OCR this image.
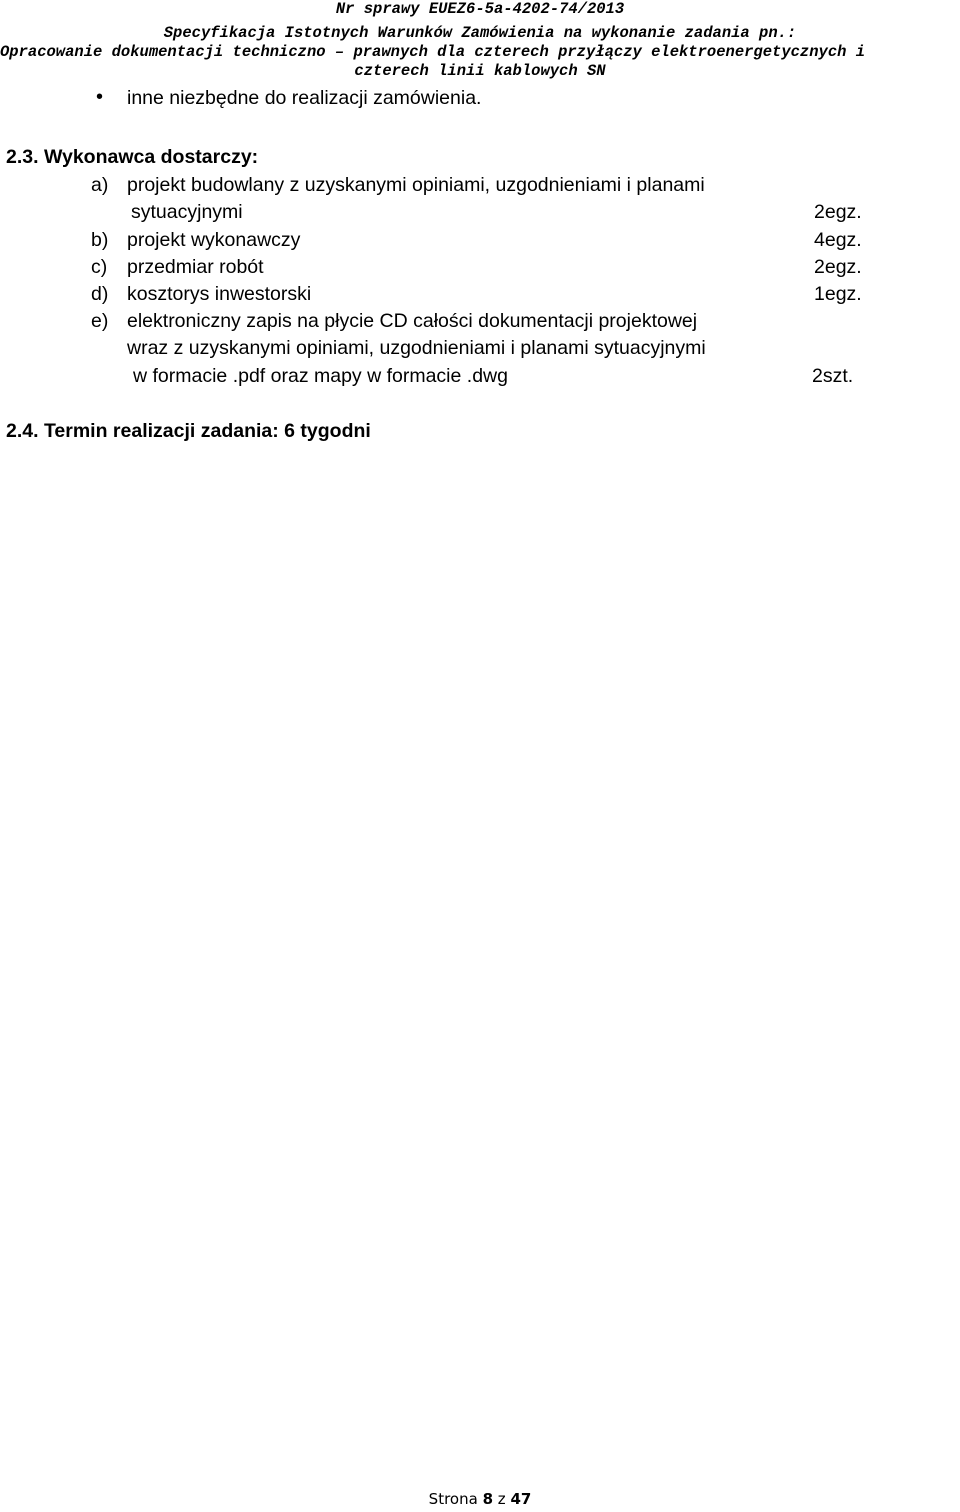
Nr sprawy EUEZ6-5a-4202-74/2013
Specyfikacja Istotnych Warunków Zamówienia na wykonanie zadania pn.:
Opracowanie dokumentacji techniczno – prawnych dla czterech przyłączy elektroenergetycznych i
czterech linii kablowych SN
• inne niezbędne do realizacji zamówienia.
2.3. Wykonawca dostarczy:
a) projekt budowlany z uzyskanymi opiniami, uzgodnieniami i planami
sytuacyjnymi	2egz.
b) projekt wykonawczy	4egz.
c) przedmiar robót	2egz.
d) kosztorys inwestorski	1egz.
e) elektroniczny zapis na płycie CD całości dokumentacji projektowej
wraz z uzyskanymi opiniami, uzgodnieniami i planami sytuacyjnymi
w formacie .pdf oraz mapy w formacie .dwg	2szt.
2.4. Termin realizacji zadania: 6 tygodni
Strona 8 z 47
